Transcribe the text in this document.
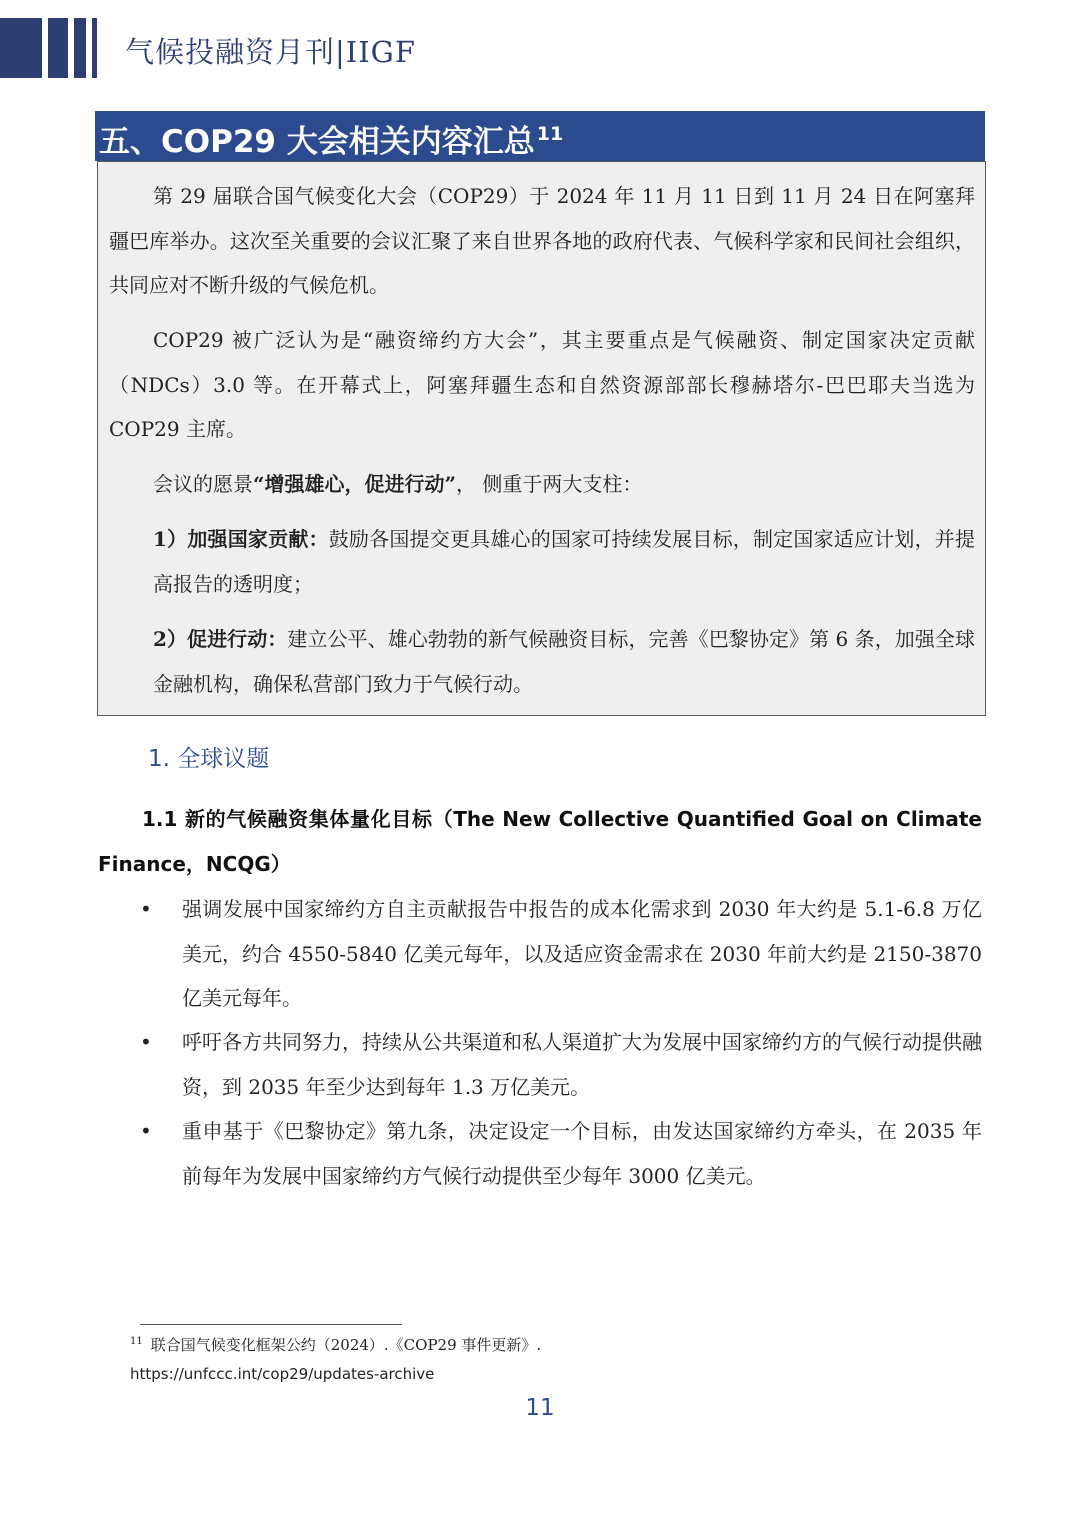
气候投融资月刊|IIGF
五、COP29 大会相关内容汇总 $^{11}$

第 29 届联合国气候变化大会（COP29）于 2024 年 11 月 11 日到 11 月 24 日在阿塞拜疆巴库举办。这次至关重要的会议汇聚了来自世界各地的政府代表、气候科学家和民间社会组织，共同应对不断升级的气候危机。

COP29 被广泛认为是“融资缔约方大会”，其主要重点是气候融资、制定国家决定贡献（NDCs）3.0 等。在开幕式上，阿塞拜疆生态和自然资源部部长穆赫塔尔-巴巴耶夫当选为 COP29 主席。

会议的愿景“增强雄心，促进行动”， 侧重于两大支柱：

1）加强国家贡献：鼓励各国提交更具雄心的国家可持续发展目标，制定国家适应计划，并提高报告的透明度；

2）促进行动：建立公平、雄心勃勃的新气候融资目标，完善《巴黎协定》第 6 条，加强全球金融机构，确保私营部门致力于气候行动。

1. 全球议题

1.1 新的气候融资集体量化目标（The New Collective Quantified Goal on Climate Finance，NCQG）

• 强调发展中国家缔约方自主贡献报告中报告的成本化需求到 2030 年大约是 5.1-6.8 万亿美元，约合 4550-5840 亿美元每年，以及适应资金需求在 2030 年前大约是 2150-3870 亿美元每年。

• 呼吁各方共同努力，持续从公共渠道和私人渠道扩大为发展中国家缔约方的气候行动提供融资，到 2035 年至少达到每年 1.3 万亿美元。

• 重申基于《巴黎协定》第九条，决定设定一个目标，由发达国家缔约方牵头，在 2035 年前每年为发展中国家缔约方气候行动提供至少每年 3000 亿美元。

$^{11}$ 联合国气候变化框架公约（2024）.《COP29 事件更新》.
https://unfccc.int/cop29/updates-archive
11
